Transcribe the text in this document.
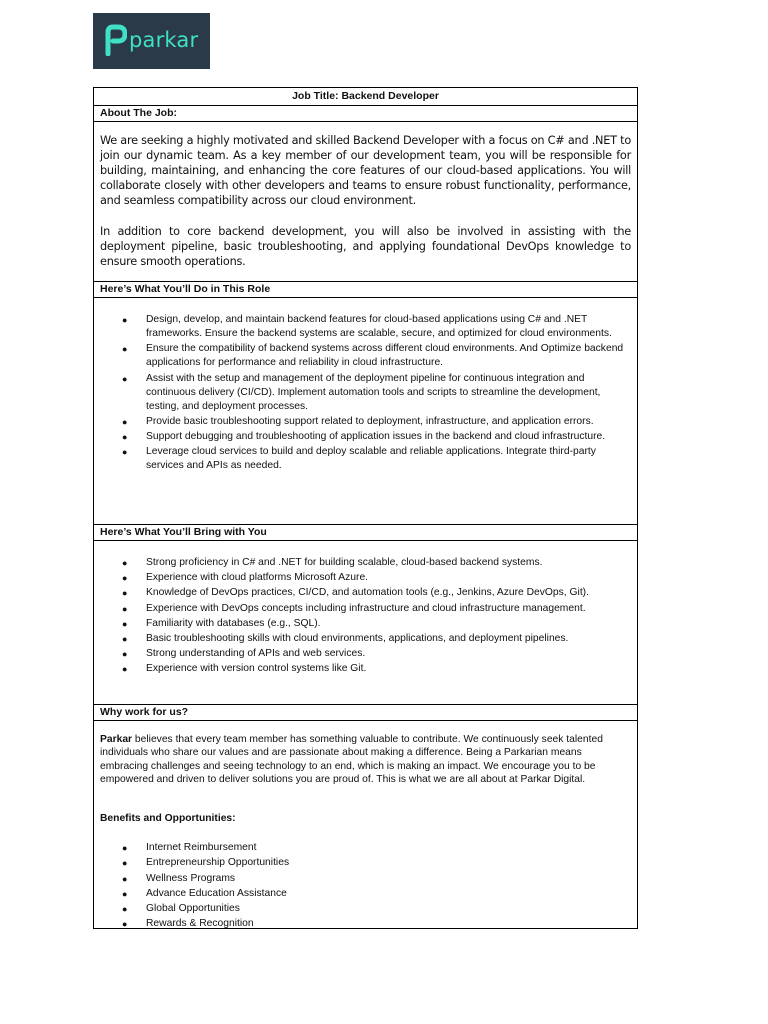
parkar
Job Title: Backend Developer
About The Job:
We are seeking a highly motivated and skilled Backend Developer with a focus on C# and .NET to join our dynamic team. As a key member of our development team, you will be responsible for building, maintaining, and enhancing the core features of our cloud-based applications. You will collaborate closely with other developers and teams to ensure robust functionality, performance, and seamless compatibility across our cloud environment.
In addition to core backend development, you will also be involved in assisting with the deployment pipeline, basic troubleshooting, and applying foundational DevOps knowledge to ensure smooth operations.
Here’s What You’ll Do in This Role
● Design, develop, and maintain backend features for cloud-based applications using C# and .NET frameworks. Ensure the backend systems are scalable, secure, and optimized for cloud environments.
● Ensure the compatibility of backend systems across different cloud environments. And Optimize backend applications for performance and reliability in cloud infrastructure.
● Assist with the setup and management of the deployment pipeline for continuous integration and continuous delivery (CI/CD). Implement automation tools and scripts to streamline the development, testing, and deployment processes.
● Provide basic troubleshooting support related to deployment, infrastructure, and application errors.
● Support debugging and troubleshooting of application issues in the backend and cloud infrastructure.
● Leverage cloud services to build and deploy scalable and reliable applications. Integrate third-party services and APIs as needed.
Here’s What You’ll Bring with You
● Strong proficiency in C# and .NET for building scalable, cloud-based backend systems.
● Experience with cloud platforms Microsoft Azure.
● Knowledge of DevOps practices, CI/CD, and automation tools (e.g., Jenkins, Azure DevOps, Git).
● Experience with DevOps concepts including infrastructure and cloud infrastructure management.
● Familiarity with databases (e.g., SQL).
● Basic troubleshooting skills with cloud environments, applications, and deployment pipelines.
● Strong understanding of APIs and web services.
● Experience with version control systems like Git.
Why work for us?
Parkar believes that every team member has something valuable to contribute. We continuously seek talented individuals who share our values and are passionate about making a difference. Being a Parkarian means embracing challenges and seeing technology to an end, which is making an impact. We encourage you to be empowered and driven to deliver solutions you are proud of. This is what we are all about at Parkar Digital.
Benefits and Opportunities:
● Internet Reimbursement
● Entrepreneurship Opportunities
● Wellness Programs
● Advance Education Assistance
● Global Opportunities
● Rewards & Recognition
